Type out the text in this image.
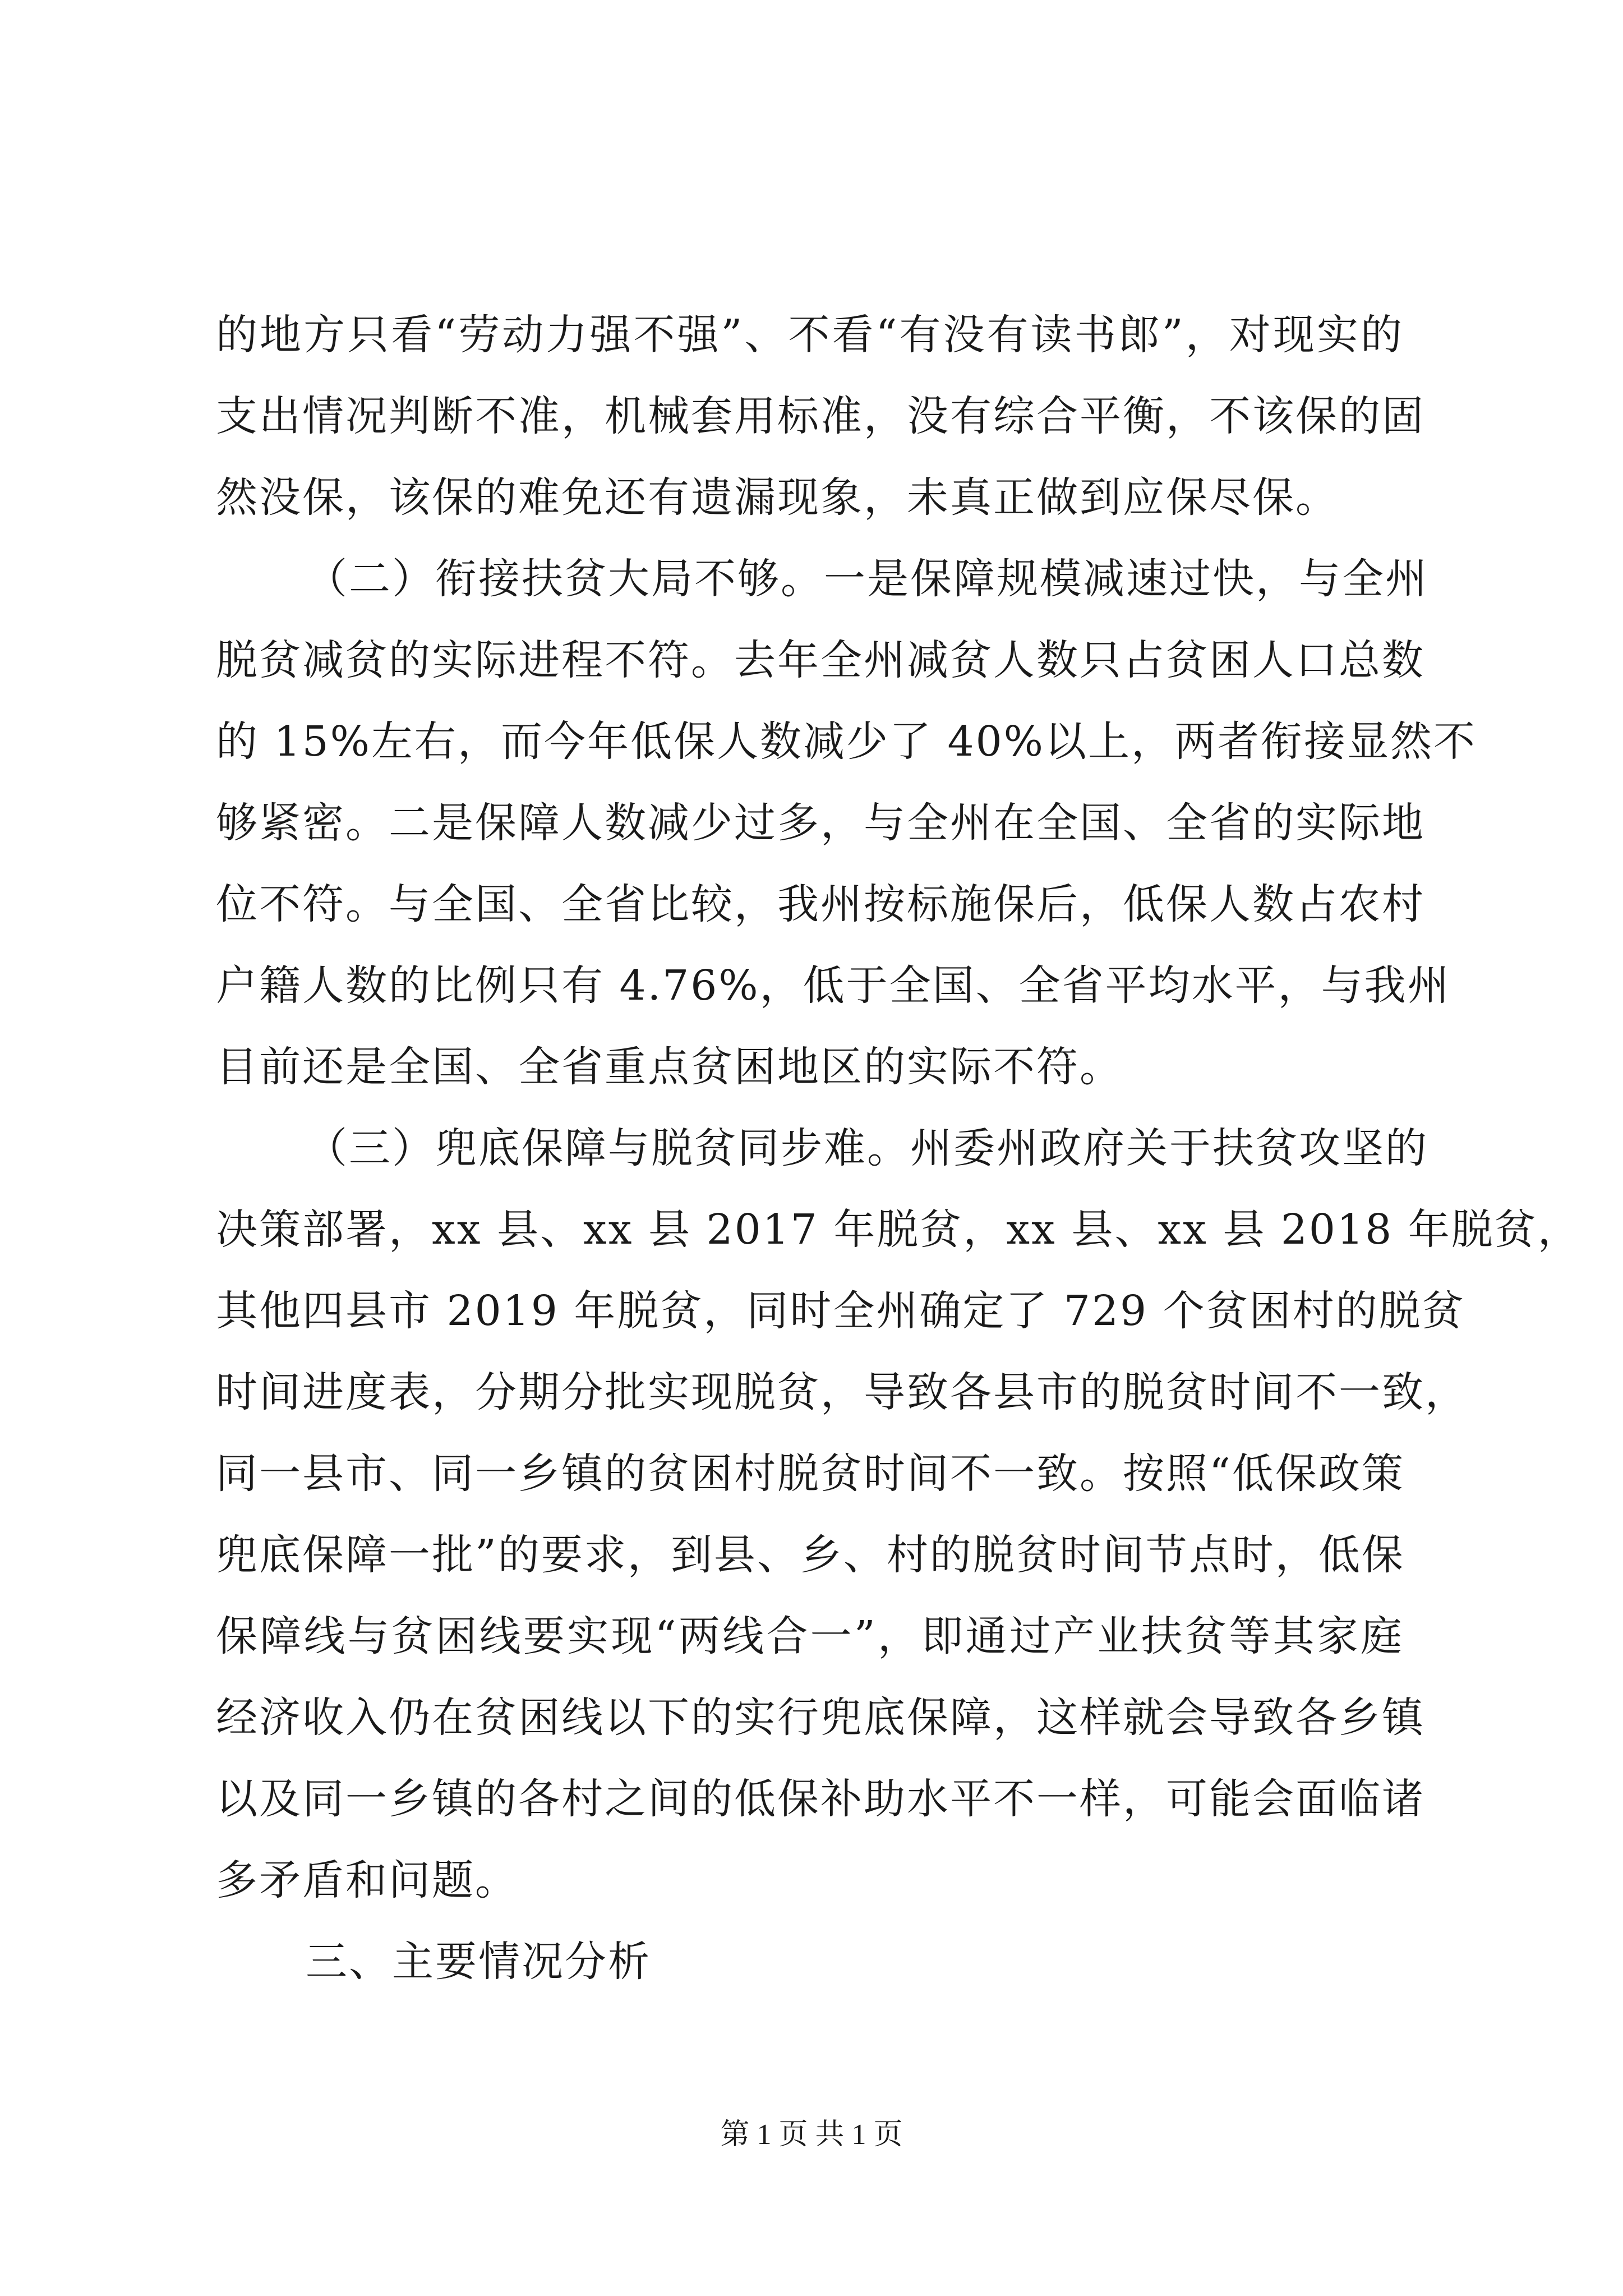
的地方只看“劳动力强不强”、不看“有没有读书郎”，对现实的
支出情况判断不准，机械套用标准，没有综合平衡，不该保的固
然没保，该保的难免还有遗漏现象，未真正做到应保尽保。
（二）衔接扶贫大局不够。一是保障规模减速过快，与全州
脱贫减贫的实际进程不符。去年全州减贫人数只占贫困人口总数
的 15%左右，而今年低保人数减少了 40%以上，两者衔接显然不
够紧密。二是保障人数减少过多，与全州在全国、全省的实际地
位不符。与全国、全省比较，我州按标施保后，低保人数占农村
户籍人数的比例只有 4.76%，低于全国、全省平均水平，与我州
目前还是全国、全省重点贫困地区的实际不符。
（三）兜底保障与脱贫同步难。州委州政府关于扶贫攻坚的
决策部署，xx 县、xx 县 2017 年脱贫，xx 县、xx 县 2018 年脱贫，
其他四县市 2019 年脱贫，同时全州确定了 729 个贫困村的脱贫
时间进度表，分期分批实现脱贫，导致各县市的脱贫时间不一致，
同一县市、同一乡镇的贫困村脱贫时间不一致。按照“低保政策
兜底保障一批”的要求，到县、乡、村的脱贫时间节点时，低保
保障线与贫困线要实现“两线合一”，即通过产业扶贫等其家庭
经济收入仍在贫困线以下的实行兜底保障，这样就会导致各乡镇
以及同一乡镇的各村之间的低保补助水平不一样，可能会面临诸
多矛盾和问题。
三、主要情况分析
第 1 页 共 1 页
